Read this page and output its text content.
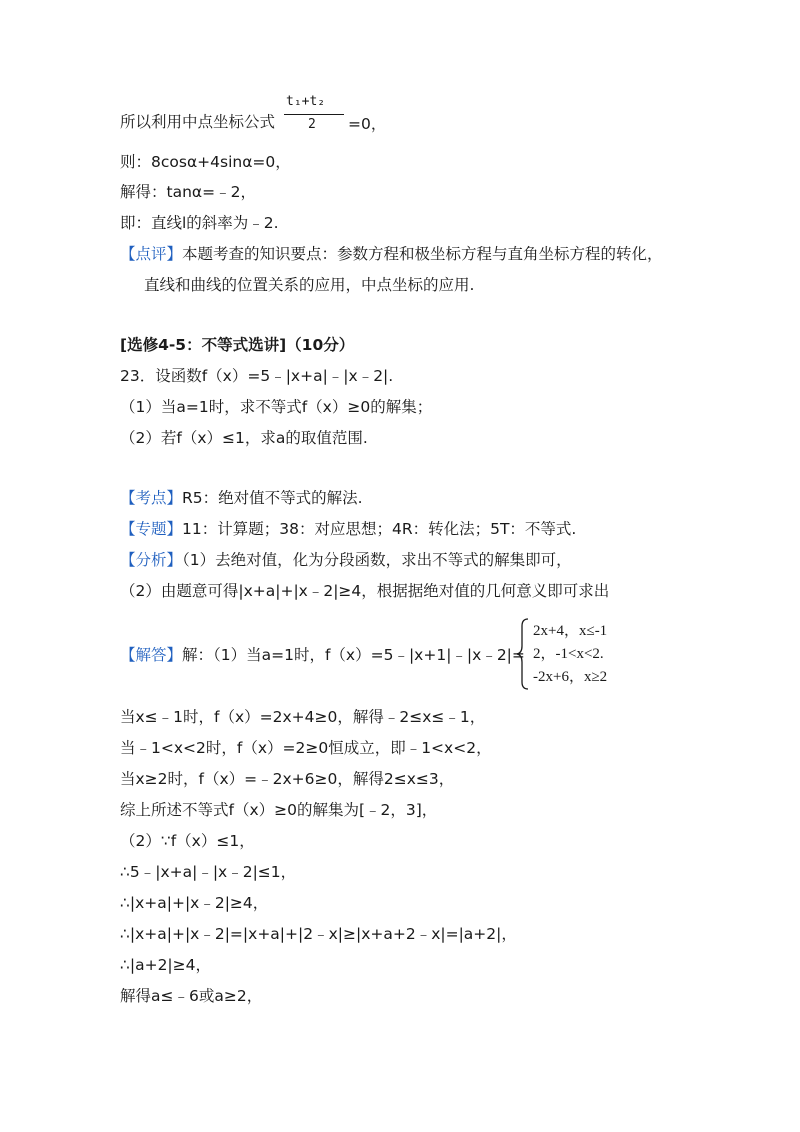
所以利用中点坐标公式
t₁+t₂
2 =0，
则：8cosα+4sinα=0，
解得：tanα=﹣2，
即：直线l的斜率为﹣2.
【点评】本题考查的知识要点：参数方程和极坐标方程与直角坐标方程的转化，
直线和曲线的位置关系的应用，中点坐标的应用.
[选修4-5：不等式选讲]（10分）
23．设函数f（x）=5﹣|x+a|﹣|x﹣2|.
（1）当a=1时，求不等式f（x）≥0的解集；
（2）若f（x）≤1，求a的取值范围.
【考点】R5：绝对值不等式的解法.
【专题】11：计算题；38：对应思想；4R：转化法；5T：不等式.
【分析】（1）去绝对值，化为分段函数，求出不等式的解集即可，
（2）由题意可得|x+a|+|x﹣2|≥4，根据据绝对值的几何意义即可求出
【解答】解：（1）当a=1时，f（x）=5﹣|x+1|﹣|x﹣2|=
2x+4，x≤-1
2，-1<x<2.
-2x+6，x≥2
当x≤﹣1时，f（x）=2x+4≥0，解得﹣2≤x≤﹣1，
当﹣1<x<2时，f（x）=2≥0恒成立，即﹣1<x<2，
当x≥2时，f（x）=﹣2x+6≥0，解得2≤x≤3，
综上所述不等式f（x）≥0的解集为[﹣2，3]，
（2）∵f（x）≤1，
∴5﹣|x+a|﹣|x﹣2|≤1，
∴|x+a|+|x﹣2|≥4，
∴|x+a|+|x﹣2|=|x+a|+|2﹣x|≥|x+a+2﹣x|=|a+2|，
∴|a+2|≥4，
解得a≤﹣6或a≥2，
